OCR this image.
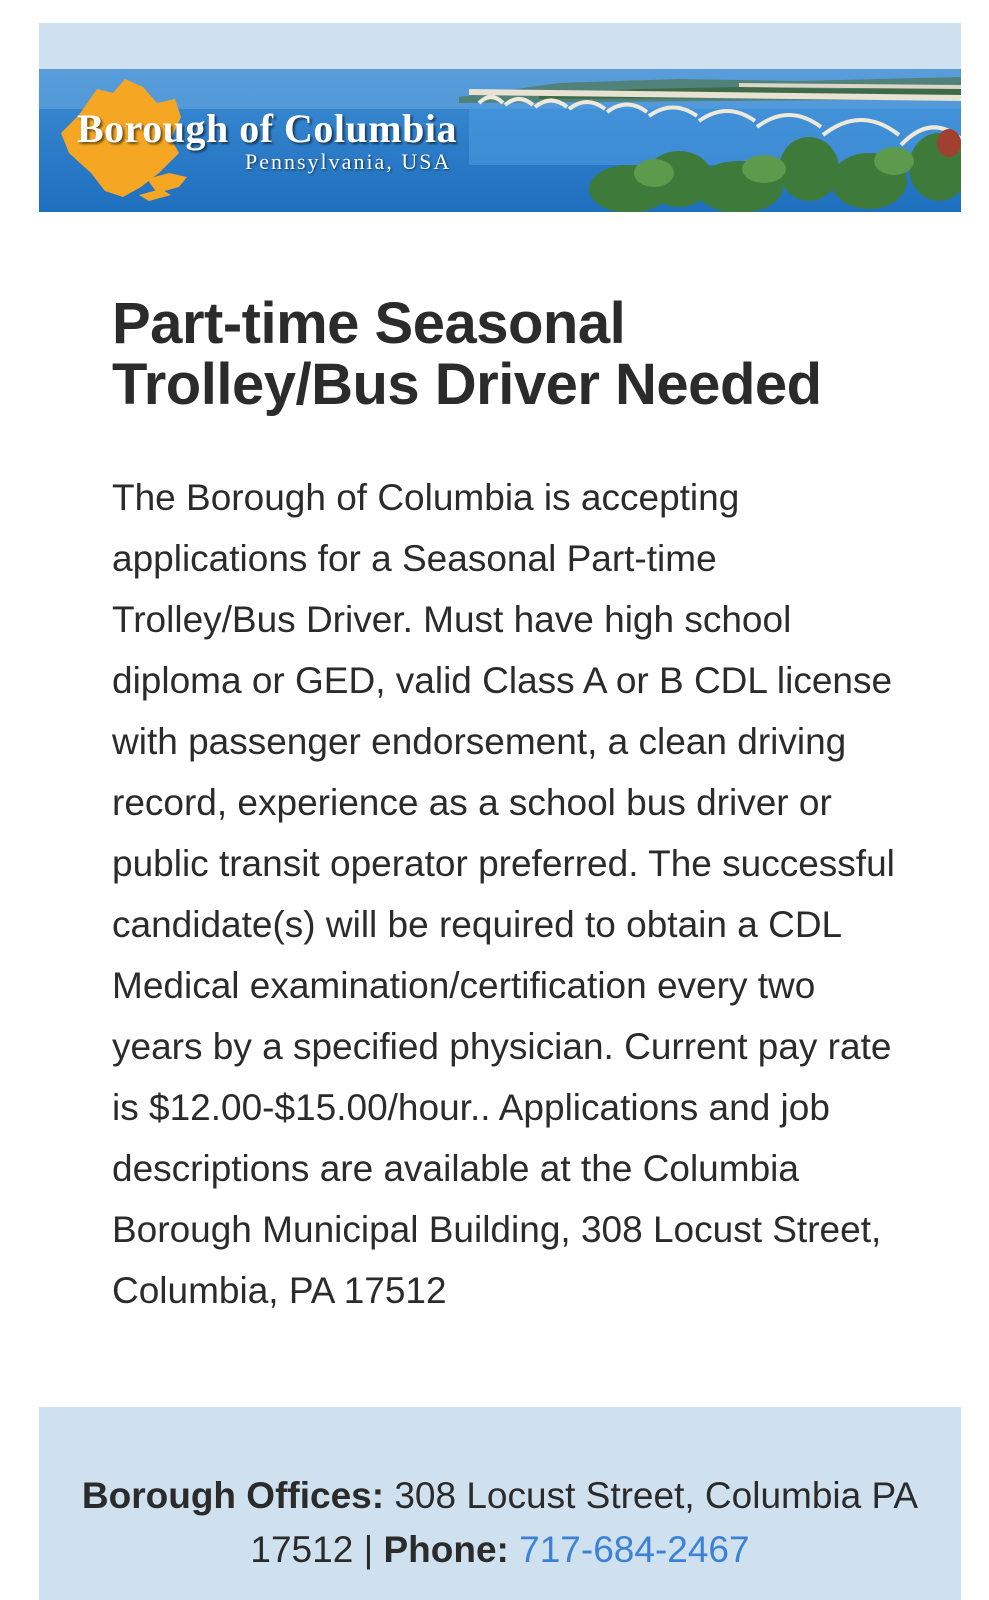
Borough of Columbia
Pennsylvania, USA
Part-time Seasonal Trolley/Bus Driver Needed

The Borough of Columbia is accepting applications for a Seasonal Part-time Trolley/Bus Driver. Must have high school diploma or GED, valid Class A or B CDL license with passenger endorsement, a clean driving record, experience as a school bus driver or public transit operator preferred. The successful candidate(s) will be required to obtain a CDL Medical examination/certification every two years by a specified physician. Current pay rate is $12.00-$15.00/hour.. Applications and job descriptions are available at the Columbia Borough Municipal Building, 308 Locust Street, Columbia, PA 17512

Borough Offices: 308 Locust Street, Columbia PA 17512 | Phone: 717-684-2467
